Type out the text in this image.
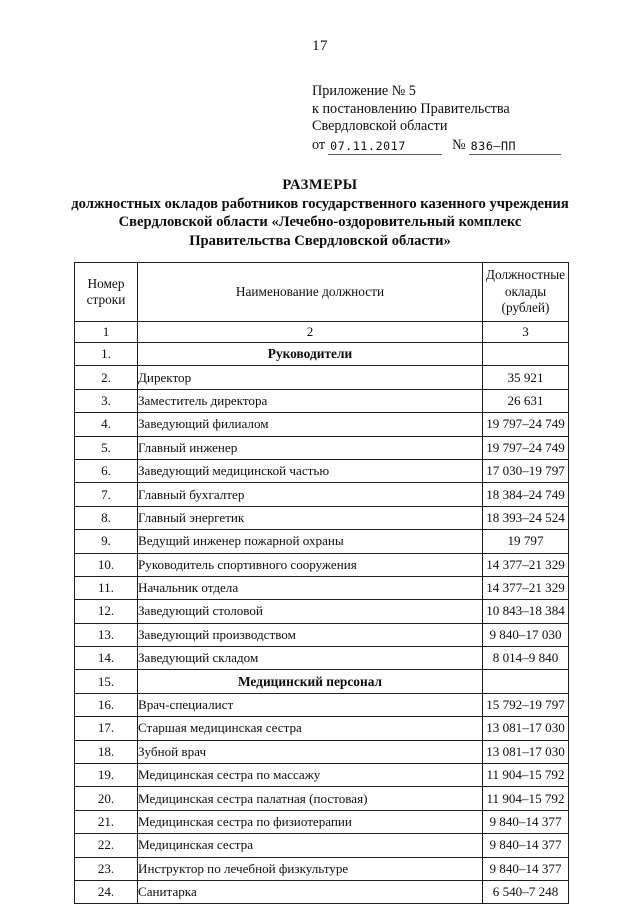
17
Приложение № 5
к постановлению Правительства
Свердловской области
от 07.11.2017	№ 836–ПП
РАЗМЕРЫ
должностных окладов работников государственного казенного учреждения
Свердловской области «Лечебно-оздоровительный комплекс
Правительства Свердловской области»
Номер
строки
	Наименование должности	
Должностные
оклады
(рублей)

1	2	3
1.	Руководители	
2.	Директор	35 921
3.	Заместитель директора	26 631
4.	Заведующий филиалом	19 797–24 749
5.	Главный инженер	19 797–24 749
6.	Заведующий медицинской частью	17 030–19 797
7.	Главный бухгалтер	18 384–24 749
8.	Главный энергетик	18 393–24 524
9.	Ведущий инженер пожарной охраны	19 797
10.	Руководитель спортивного сооружения	14 377–21 329
11.	Начальник отдела	14 377–21 329
12.	Заведующий столовой	10 843–18 384
13.	Заведующий производством	9 840–17 030
14.	Заведующий складом	8 014–9 840
15.	Медицинский персонал	
16.	Врач-специалист	15 792–19 797
17.	Старшая медицинская сестра	13 081–17 030
18.	Зубной врач	13 081–17 030
19.	Медицинская сестра по массажу	11 904–15 792
20.	Медицинская сестра палатная (постовая)	11 904–15 792
21.	Медицинская сестра по физиотерапии	9 840–14 377
22.	Медицинская сестра	9 840–14 377
23.	Инструктор по лечебной физкультуре	9 840–14 377
24.	Санитарка	6 540–7 248
